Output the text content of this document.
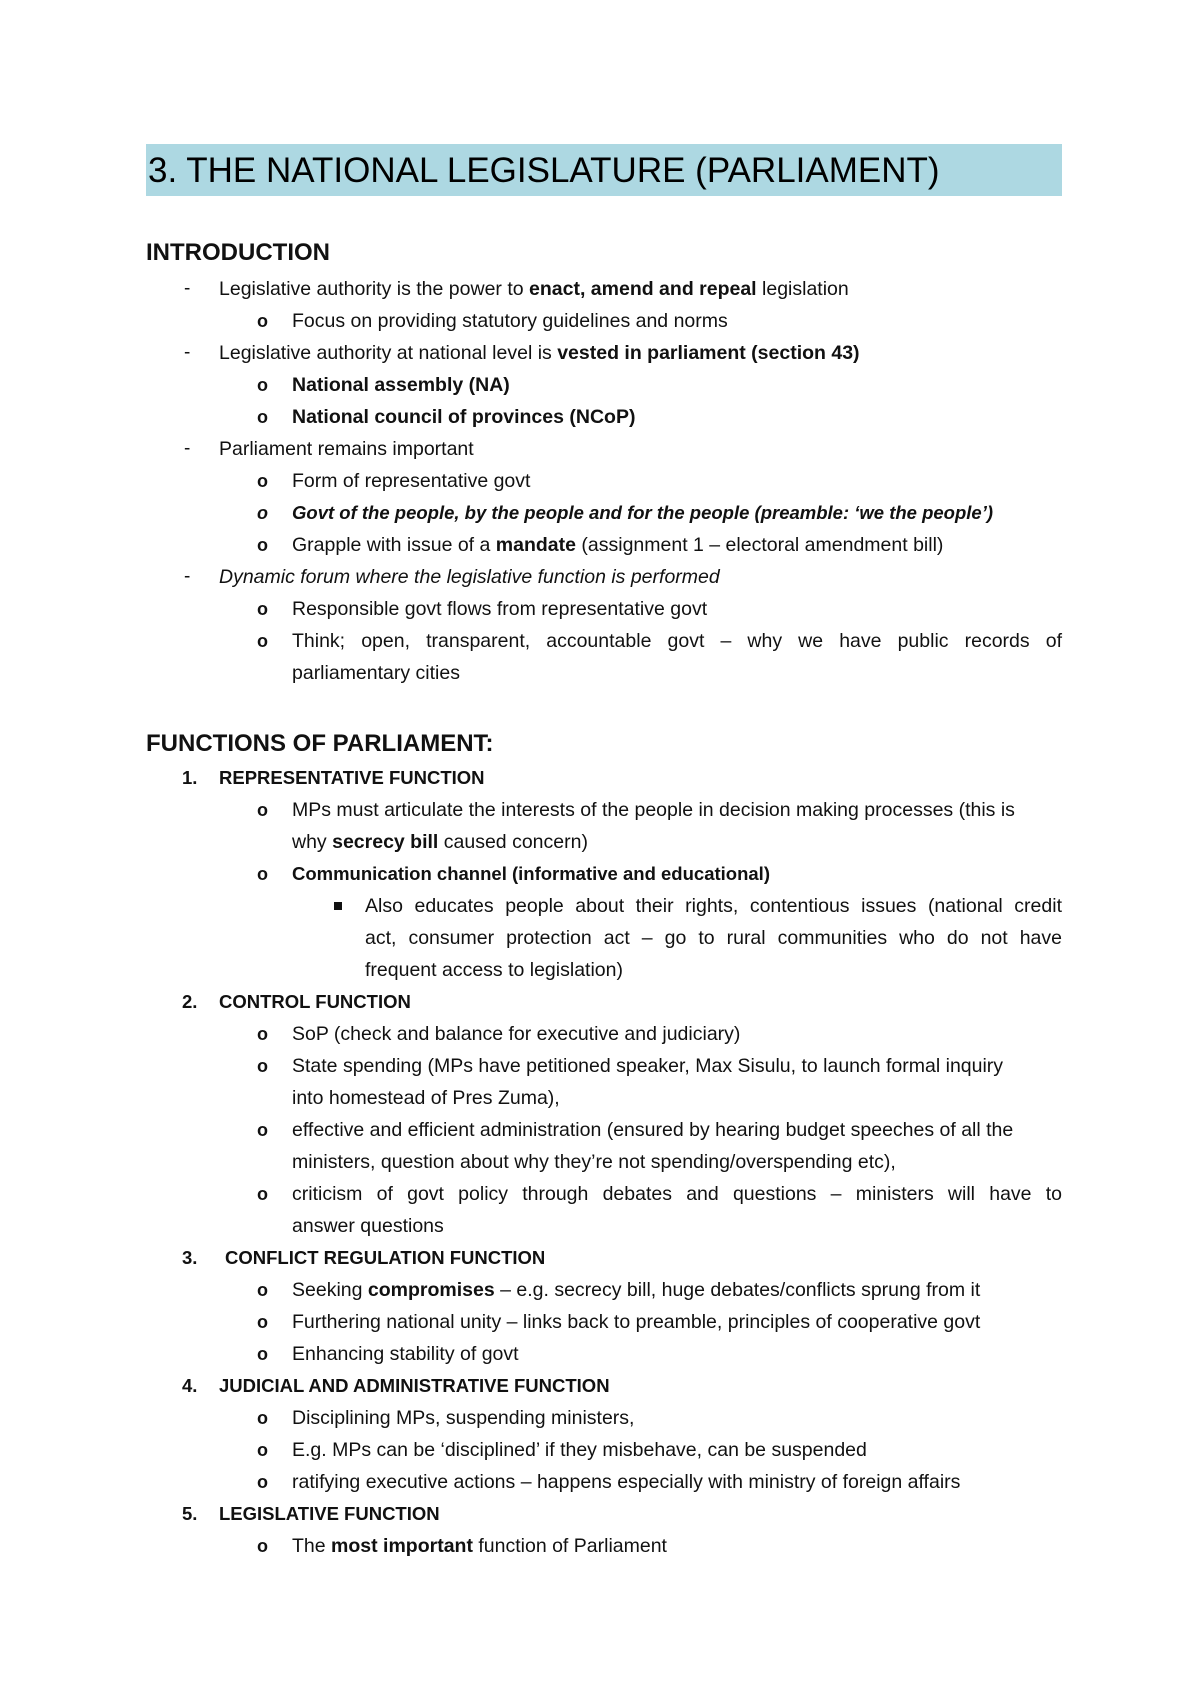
3. THE NATIONAL LEGISLATURE (PARLIAMENT)
INTRODUCTION
- Legislative authority is the power to enact, amend and repeal legislation
o Focus on providing statutory guidelines and norms
- Legislative authority at national level is vested in parliament (section 43)
o National assembly (NA)
o National council of provinces (NCoP)
- Parliament remains important
o Form of representative govt
o Govt of the people, by the people and for the people (preamble: ‘we the people’)
o Grapple with issue of a mandate (assignment 1 – electoral amendment bill)
- Dynamic forum where the legislative function is performed
o Responsible govt flows from representative govt
o Think; open, transparent, accountable govt – why we have public records of
parliamentary cities
FUNCTIONS OF PARLIAMENT:
1. REPRESENTATIVE FUNCTION
o MPs must articulate the interests of the people in decision making processes (this is
why secrecy bill caused concern)
o Communication channel (informative and educational)
Also educates people about their rights, contentious issues (national credit
act, consumer protection act – go to rural communities who do not have
frequent access to legislation)
2. CONTROL FUNCTION
o SoP (check and balance for executive and judiciary)
o State spending (MPs have petitioned speaker, Max Sisulu, to launch formal inquiry
into homestead of Pres Zuma),
o effective and efficient administration (ensured by hearing budget speeches of all the
ministers, question about why they’re not spending/overspending etc),
o criticism of govt policy through debates and questions – ministers will have to
answer questions
3. CONFLICT REGULATION FUNCTION
o Seeking compromises – e.g. secrecy bill, huge debates/conflicts sprung from it
o Furthering national unity – links back to preamble, principles of cooperative govt
o Enhancing stability of govt
4. JUDICIAL AND ADMINISTRATIVE FUNCTION
o Disciplining MPs, suspending ministers,
o E.g. MPs can be ‘disciplined’ if they misbehave, can be suspended
o ratifying executive actions – happens especially with ministry of foreign affairs
5. LEGISLATIVE FUNCTION
o The most important function of Parliament
